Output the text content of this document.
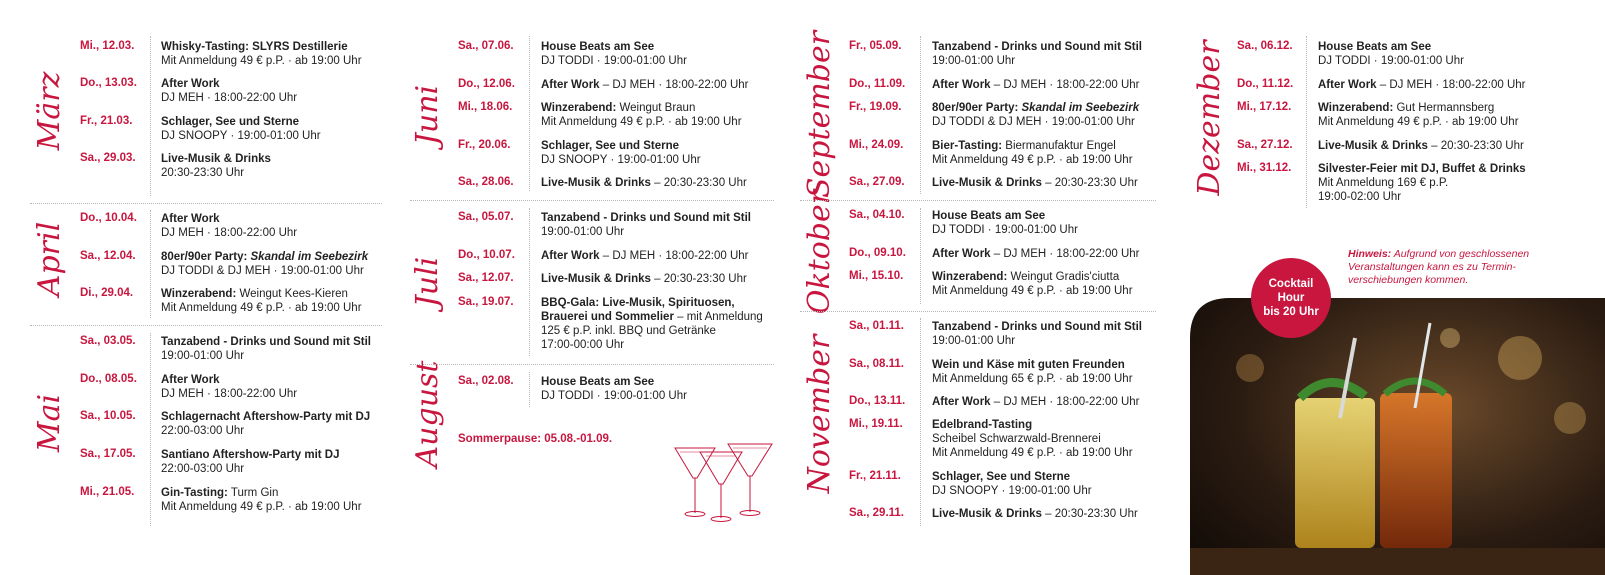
März
April
Mai
Juni
Juli
August
September
Oktober
November
Dezember
Mi., 12.03. Whisky-Tasting: SLYRS Destillerie
Mit Anmeldung 49 € p.P. · ab 19:00 Uhr
Do., 13.03. After Work
DJ MEH · 18:00-22:00 Uhr
Fr., 21.03. Schlager, See und Sterne
DJ SNOOPY · 19:00-01:00 Uhr
Sa., 29.03. Live-Musik & Drinks
20:30-23:30 Uhr
Do., 10.04. After Work
DJ MEH · 18:00-22:00 Uhr
Sa., 12.04. 80er/90er Party: Skandal im Seebezirk
DJ TODDI & DJ MEH · 19:00-01:00 Uhr
Di., 29.04. Winzerabend: Weingut Kees-Kieren
Mit Anmeldung 49 € p.P. · ab 19:00 Uhr
Sa., 03.05. Tanzabend - Drinks und Sound mit Stil
19:00-01:00 Uhr
Do., 08.05. After Work
DJ MEH · 18:00-22:00 Uhr
Sa., 10.05. Schlagernacht Aftershow-Party mit DJ
22:00-03:00 Uhr
Sa., 17.05. Santiano Aftershow-Party mit DJ
22:00-03:00 Uhr
Mi., 21.05. Gin-Tasting: Turm Gin
Mit Anmeldung 49 € p.P. · ab 19:00 Uhr
Sa., 07.06. House Beats am See
DJ TODDI · 19:00-01:00 Uhr
Do., 12.06. After Work – DJ MEH · 18:00-22:00 Uhr
Mi., 18.06. Winzerabend: Weingut Braun
Mit Anmeldung 49 € p.P. · ab 19:00 Uhr
Fr., 20.06.	Schlager, See und Sterne
DJ SNOOPY · 19:00-01:00 Uhr
Sa., 28.06. Live-Musik & Drinks – 20:30-23:30 Uhr
Sa., 05.07. Tanzabend - Drinks und Sound mit Stil
19:00-01:00 Uhr
Do., 10.07. After Work – DJ MEH · 18:00-22:00 Uhr
Sa., 12.07. Live-Musik & Drinks – 20:30-23:30 Uhr
Sa., 19.07. BBQ-Gala: Live-Musik, Spirituosen,
Brauerei und Sommelier – mit Anmeldung
125 € p.P. inkl. BBQ und Getränke
17:00-00:00 Uhr
Sa., 02.08. House Beats am See
DJ TODDI · 19:00-01:00 Uhr
Sommerpause: 05.08.-01.09.
Fr., 05.09.	Tanzabend - Drinks und Sound mit Stil
19:00-01:00 Uhr
Do., 11.09. After Work – DJ MEH · 18:00-22:00 Uhr
Fr., 19.09.	80er/90er Party: Skandal im Seebezirk
DJ TODDI & DJ MEH · 19:00-01:00 Uhr
Mi., 24.09. Bier-Tasting: Biermanufaktur Engel
Mit Anmeldung 49 € p.P. · ab 19:00 Uhr
Sa., 27.09. Live-Musik & Drinks – 20:30-23:30 Uhr
Sa., 04.10. House Beats am See
DJ TODDI · 19:00-01:00 Uhr
Do., 09.10. After Work – DJ MEH · 18:00-22:00 Uhr
Mi., 15.10. Winzerabend: Weingut Gradis'ciutta
Mit Anmeldung 49 € p.P. · ab 19:00 Uhr
Sa., 01.11. Tanzabend - Drinks und Sound mit Stil
19:00-01:00 Uhr
Sa., 08.11. Wein und Käse mit guten Freunden
Mit Anmeldung 65 € p.P. · ab 19:00 Uhr
Do., 13.11. After Work – DJ MEH · 18:00-22:00 Uhr
Mi., 19.11.	Edelbrand-Tasting
Scheibel Schwarzwald-Brennerei
Mit Anmeldung 49 € p.P. · ab 19:00 Uhr
Fr., 21.11.	Schlager, See und Sterne
DJ SNOOPY · 19:00-01:00 Uhr
Sa., 29.11. Live-Musik & Drinks – 20:30-23:30 Uhr
Sa., 06.12. House Beats am See
DJ TODDI · 19:00-01:00 Uhr
Do., 11.12. After Work – DJ MEH · 18:00-22:00 Uhr
Mi., 17.12. Winzerabend: Gut Hermannsberg
Mit Anmeldung 49 € p.P. · ab 19:00 Uhr
Sa., 27.12. Live-Musik & Drinks – 20:30-23:30 Uhr
Mi., 31.12. Silvester-Feier mit DJ, Buffet & Drinks
Mit Anmeldung 169 € p.P.
19:00-02:00 Uhr
Hinweis: Aufgrund von geschlossenen Veranstaltungen kann es zu Termin-verschiebungen kommen.
Cocktail
Hour
bis 20 Uhr
